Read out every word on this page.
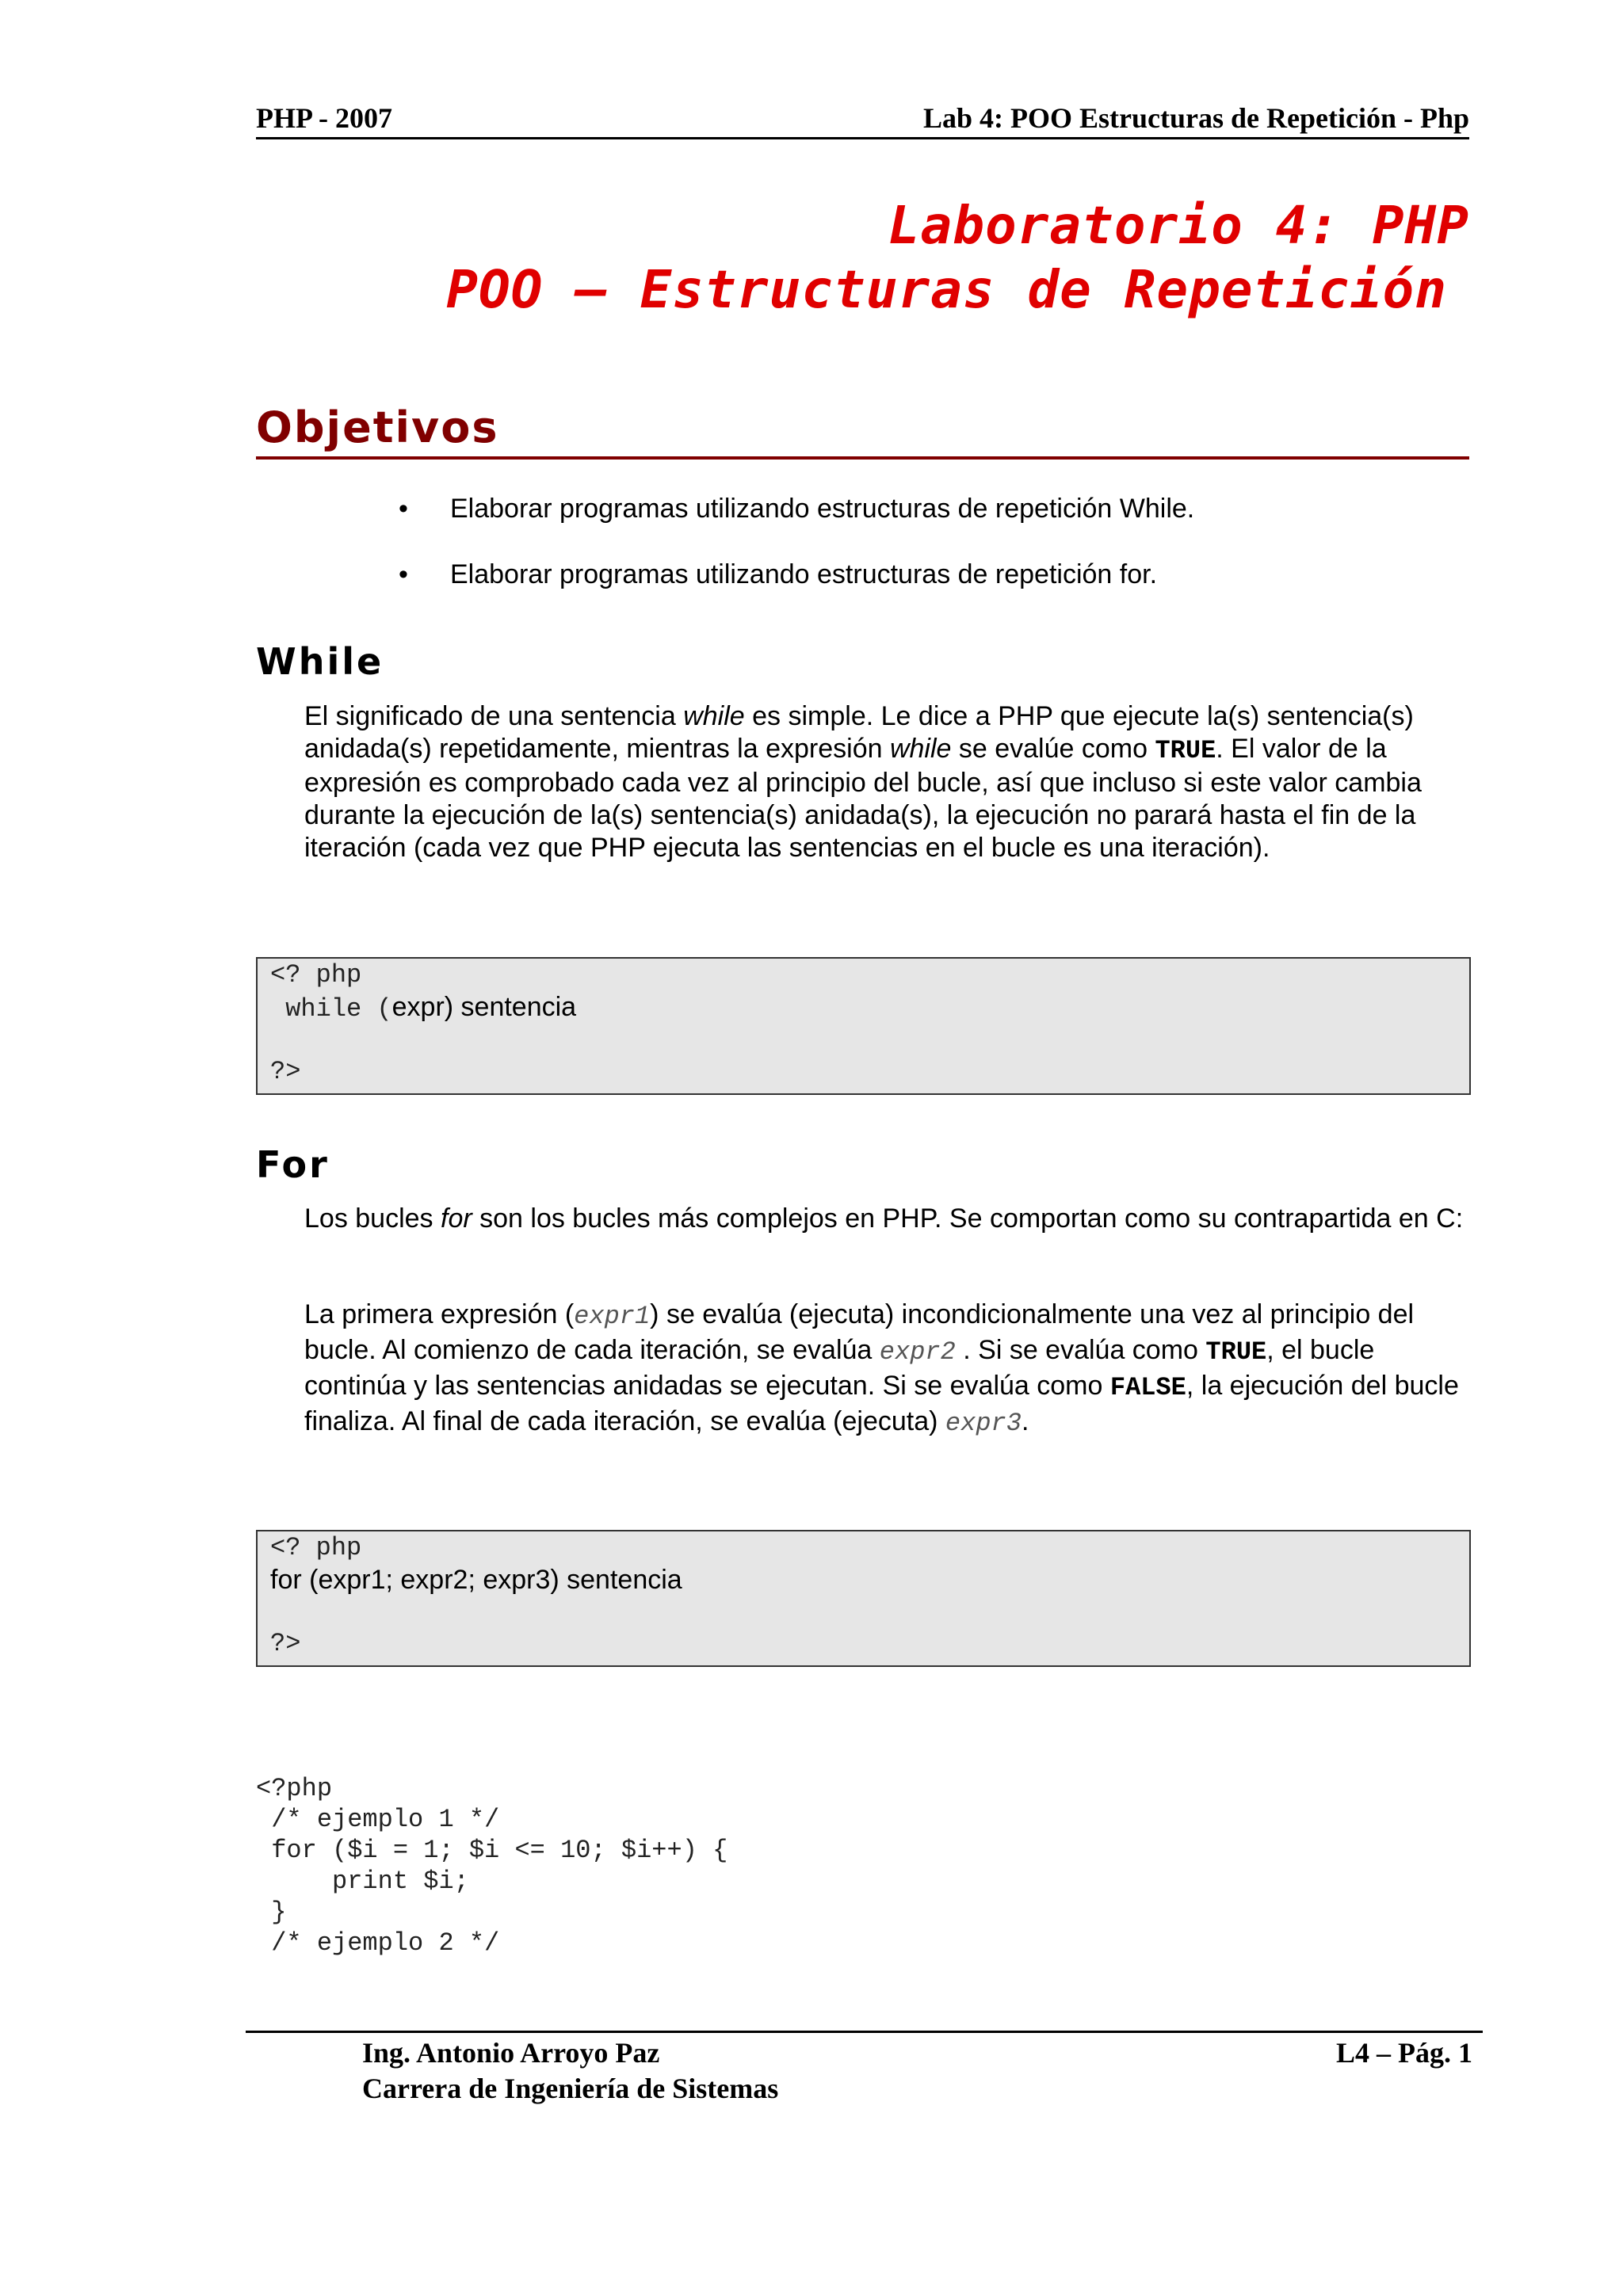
PHP - 2007	Lab 4: POO Estructuras de Repetición - Php
Laboratorio 4: PHP
POO – Estructuras de Repetición
Objetivos
• Elaborar programas utilizando estructuras de repetición While.
• Elaborar programas utilizando estructuras de repetición for.
While
El significado de una sentencia while es simple. Le dice a PHP que ejecute la(s) sentencia(s) anidada(s) repetidamente, mientras la expresión while se evalúe como TRUE. El valor de la expresión es comprobado cada vez al principio del bucle, así que incluso si este valor cambia durante la ejecución de la(s) sentencia(s) anidada(s), la ejecución no parará hasta el fin de la iteración (cada vez que PHP ejecuta las sentencias en el bucle es una iteración).
<? php
while (expr) sentencia
?>
For
Los bucles for son los bucles más complejos en PHP. Se comportan como su contrapartida en C:
La primera expresión (expr1) se evalúa (ejecuta) incondicionalmente una vez al principio del bucle. Al comienzo de cada iteración, se evalúa expr2 . Si se evalúa como TRUE, el bucle continúa y las sentencias anidadas se ejecutan. Si se evalúa como FALSE, la ejecución del bucle finaliza. Al final de cada iteración, se evalúa (ejecuta) expr3.
<? php
for (expr1; expr2; expr3) sentencia
?>
<?php
/* ejemplo 1 */
for ($i = 1; $i <= 10; $i++) {
print $i;
}
/* ejemplo 2 */
Ing. Antonio Arroyo Paz
Carrera de Ingeniería de Sistemas
L4 – Pág. 1
